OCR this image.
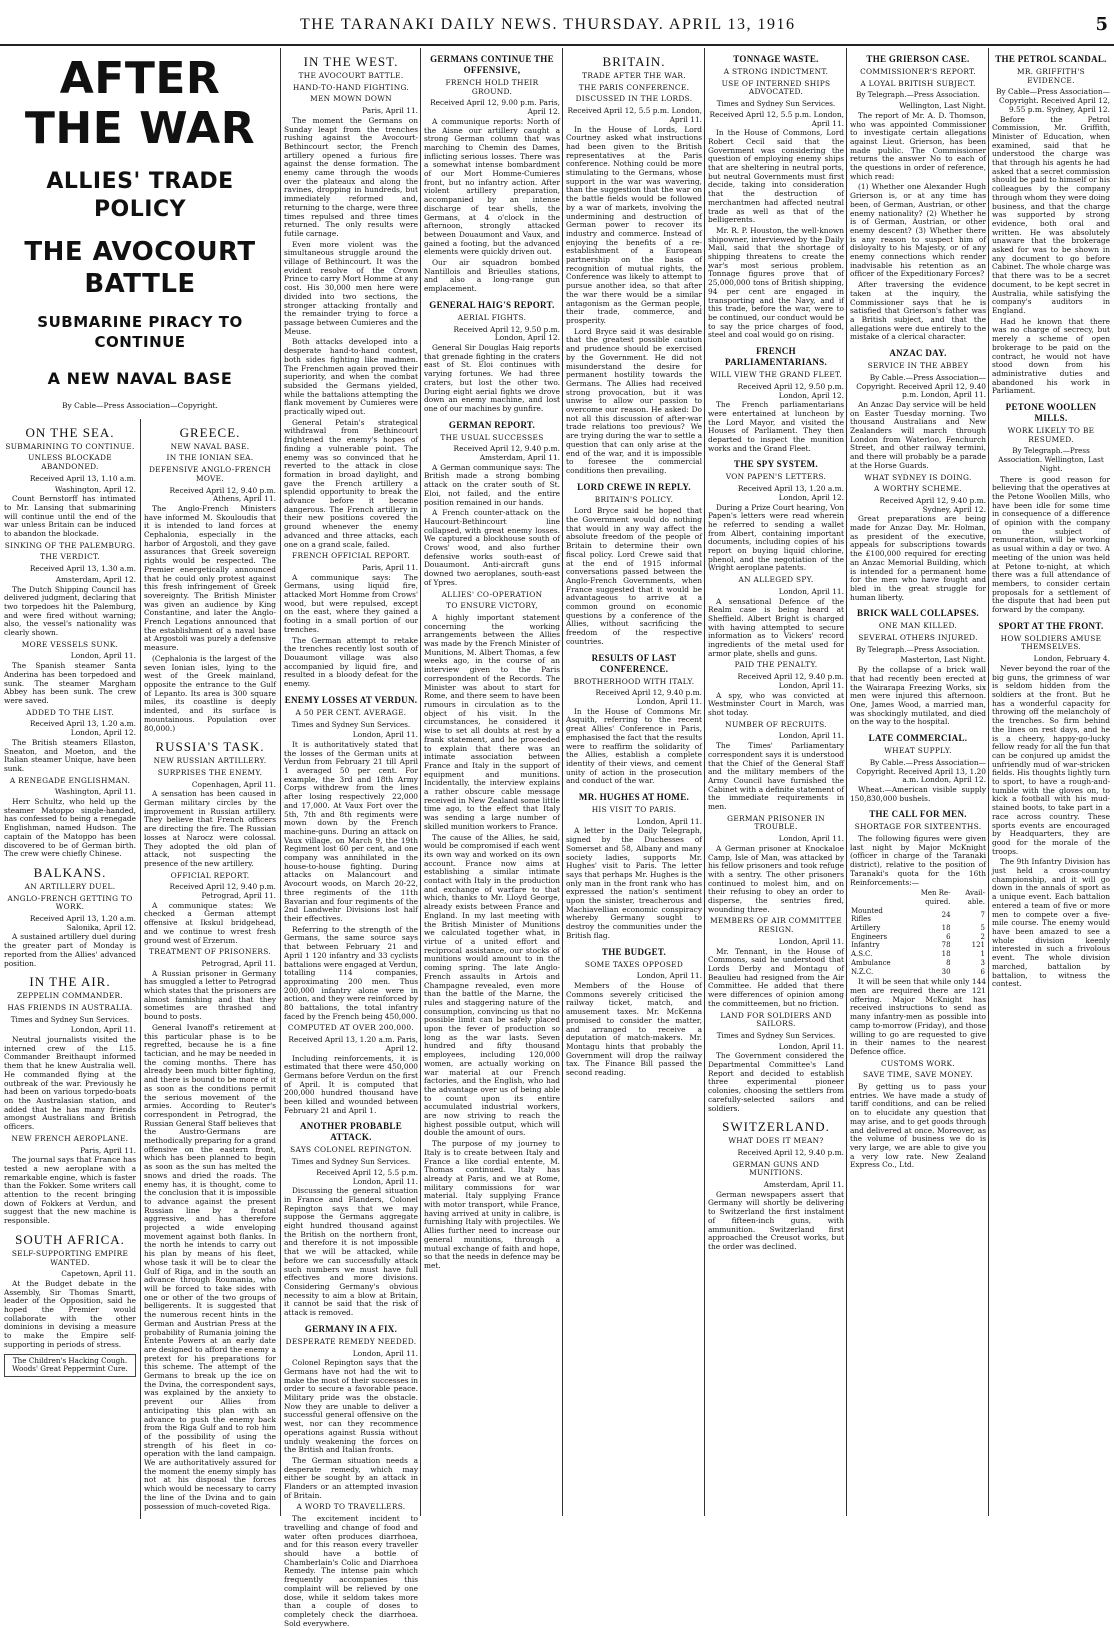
THE TARANAKI DAILY NEWS. THURSDAY. APRIL 13, 1916	5
AFTER THE WAR
ALLIES' TRADE POLICY
THE AVOCOURT BATTLE
SUBMARINE PIRACY TO CONTINUE
A NEW NAVAL BASE
By Cable—Press Association—Copyright.
ON THE SEA.
SUBMARINING TO CONTINUE.
UNLESS BLOCKADE ABANDONED.
Received April 13, 1.10 a.m.
Washington, April 12.

Count Bernstorff has intimated to Mr. Lansing that submarining will continue until the end of the war unless Britain can be induced to abandon the blockade.

SINKING OF THE PALEMBURG.
THE VERDICT.
Received April 13, 1.30 a.m.
Amsterdam, April 12.

The Dutch Shipping Council has delivered judgment, declaring that two torpedoes hit the Palemburg, and were fired without warning; also, the vessel's nationality was clearly shown.

MORE VESSELS SUNK.
London, April 11.

The Spanish steamer Santa Anderina has been torpedoed and sunk. The steamer Margham Abbey has been sunk. The crew were saved.

ADDED TO THE LIST.
Received April 13, 1.20 a.m. London, April 12.

The British steamers Ellaston, Sneaton, and Moeton, and the Italian steamer Unique, have been sunk.

A RENEGADE ENGLISHMAN.
Washington, April 11.

Herr Schultz, who held up the steamer Matoppo single-handed, has confessed to being a renegade Englishman, named Hudson. The captain of the Matoppo has been discovered to be of German birth. The crew were chiefly Chinese.

BALKANS.
AN ARTILLERY DUEL.
ANGLO-FRENCH GETTING TO WORK.
Received April 13, 1.20 a.m. Salonika, April 12.

A sustained artillery duel during the greater part of Monday is reported from the Allies' advanced position.

IN THE AIR.
ZEPPELIN COMMANDER.
HAS FRIENDS IN AUSTRALIA.
Times and Sydney Sun Services.
London, April 11.

Neutral journalists visited the interned crew of the L15. Commander Breithaupt informed them that he knew Australia well. He commanded flying at the outbreak of the war. Previously he had been on various torpedo-boats on the Australasian station, and added that he has many friends amongst Australians and British officers.

NEW FRENCH AEROPLANE.
Paris, April 11.

The journal says that France has tested a new aeroplane with a remarkable engine, which is faster than the Fokker. Some writers call attention to the recent bringing down of Fokkers at Verdun, and suggest that the new machine is responsible.

SOUTH AFRICA.
SELF-SUPPORTING EMPIRE WANTED.
Capetown, April 11.

At the Budget debate in the Assembly, Sir Thomas Smartt, leader of the Opposition, said he hoped the Premier would collaborate with the other dominions in devising a measure to make the Empire self-supporting in periods of stress.

The Children's Hacking Cough. Woods' Great Peppermint Cure.
GREECE.
NEW NAVAL BASE.
IN THE IONIAN SEA.
DEFENSIVE ANGLO-FRENCH MOVE.
Received April 12, 9.40 p.m. Athens, April 11.

The Anglo-French Ministers have informed M. Skouloudis that it is intended to land forces at Cephalonia, especially in the harbor of Argostoli, and they gave assurances that Greek sovereign rights would be respected. The Premier energetically announced that he could only protest against this fresh infringement of Greek sovereignty. The British Minister was given an audience by King Constantine, and later the Anglo-French Legations announced that the establishment of a naval base at Argostoli was purely a defensive measure.

(Cephalonia is the largest of the seven Ionian isles, lying to the west of the Greek mainland, opposite the entrance to the Gulf of Lepanto. Its area is 300 square miles, its coastline is deeply indented, and its surface is mountainous. Population over 80,000.)

RUSSIA'S TASK.
NEW RUSSIAN ARTILLERY.
SURPRISES THE ENEMY.
Copenhagen, April 11.

A sensation has been caused in German military circles by the improvement in Russian artillery. They believe that French officers are directing the fire. The Russian losses at Narocz were colossal. They adopted the old plan of attack, not suspecting the presence of the new artillery.

OFFICIAL REPORT.
Received April 12, 9.40 p.m. Petrograd, April 11.

A communique states: We checked a German attempt offensive at Ikskul bridgehead, and we continue to wrest fresh ground west of Erzerum.

TREATMENT OF PRISONERS.
Petrograd, April 11.

A Russian prisoner in Germany has smuggled a letter to Petrograd which states that the prisoners are almost famishing and that they sometimes are thrashed and bound to posts.

General Ivanoff's retirement at this particular phase is to be regretted, because he is a fine tactician, and he may be needed in the coming months. There has already been much bitter fighting, and there is bound to be more of it as soon as the conditions permit the serious movement of the armies. According to Reuter's correspondent in Petrograd, the Russian General Staff believes that the Austro-Germans are methodically preparing for a grand offensive on the eastern front, which has been planned to begin as soon as the sun has melted the snows and dried the roads. The enemy has, it is thought, come to the conclusion that it is impossible to advance against the present Russian line by a frontal aggressive, and has therefore projected a wide enveloping movement against both flanks. In the north he intends to carry out his plan by means of his fleet, whose task it will be to clear the Gulf of Riga, and in the south an advance through Roumania, who will be forced to take sides with one or other of the two groups of belligerents. It is suggested that the numerous recent hints in the German and Austrian Press at the probability of Rumania joining the Entente Powers at an early date are designed to afford the enemy a pretext for his preparations for this scheme. The attempt of the Germans to break up the ice on the Dvina, the correspondent says, was explained by the anxiety to prevent our Allies from anticipating this plan with an advance to push the enemy back from the Riga Gulf and to rob him of the possibility of using the strength of his fleet in co-operation with the land campaign. We are authoritatively assured for the moment the enemy simply has not at his disposal the forces which would be necessary to carry the line of the Dvina and to gain possession of much-coveted Riga.

IN THE WEST.
THE AVOCOURT BATTLE.
HAND-TO-HAND FIGHTING.
MEN MOWN DOWN
Paris, April 11.

The moment the Germans on Sunday leapt from the trenches rushing against the Avocourt-Bethincourt sector, the French artillery opened a furious fire against the dense formation. The enemy came through the woods over the plateaux and along the ravines, dropping in hundreds, but immediately reformed and, returning to the charge, were three times repulsed and three times returned. The only results were futile carnage.

Even more violent was the simultaneous struggle around the village of Bethincourt. It was the evident resolve of the Crown Prince to carry Mort Homme at any cost. His 30,000 men here were divided into two sections, the stronger attacking frontally and the remainder trying to force a passage between Cumieres and the Meuse.

Both attacks developed into a desperate hand-to-hand contest, both sides fighting like madmen. The Frenchmen again proved their superiority, and when the combat subsided the Germans yielded, while the battalions attempting the flank movement by Cumieres were practically wiped out.

General Petain's strategical withdrawal from Bethincourt frightened the enemy's hopes of finding a vulnerable point. The enemy was so convinced that he reverted to the attack in close formation in broad daylight, and gave the French artillery a splendid opportunity to break the advance before it became dangerous. The French artillery in their new positions covered the ground whenever the enemy advanced and three attacks, each one on a grand scale, failed.

FRENCH OFFICIAL REPORT.
Paris, April 11.

A communique says: The Germans, using liquid fire, attacked Mort Homme from Crows' wood, but were repulsed, except on the east, where they gained a footing in a small portion of our trenches.

The German attempt to retake the trenches recently lost south of Douaumont village was also accompanied by liquid fire, and resulted in a bloody defeat for the enemy.

ENEMY LOSSES AT VERDUN.
A 50 PER CENT. AVERAGE.
Times and Sydney Sun Services.
London, April 11.

It is authoritatively stated that the losses of the German units at Verdun from February 21 till April 1 averaged 50 per cent. For example, the 3rd and 18th Army Corps withdrew from the lines after losing respectively 22,000 and 17,000. At Vaux Fort over the 5th, 7th and 8th regiments were mown down by the French machine-guns. During an attack on Vaux village, on March 9, the 19th Regiment lost 60 per cent, and one company was annihilated in the house-to-house fighting. During attacks on Malancourt and Avocourt woods, on March 20-22, three regiments of the 11th Bavarian and four regiments of the 2nd Landwehr Divisions lost half their effectives.

Referring to the strength of the Germans, the same source says that between February 21 and April 1 120 infantry and 33 cyclists battalions were engaged at Verdun, totalling 114 companies, approximating 200 men. Thus 200,000 infantry alone were in action, and they were reinforced by 80 battalions, the total infantry faced by the French being 450,000.

COMPUTED AT OVER 200,000.
Received April 13, 1.20 a.m. Paris, April 12.

Including reinforcements, it is estimated that there were 450,000 Germans before Verdun on the first of April. It is computed that 200,000 hundred thousand have been killed and wounded between February 21 and April 1.

ANOTHER PROBABLE ATTACK.
SAYS COLONEL REPINGTON.
Times and Sydney Sun Services.
Received April 12, 5.5 p.m. London, April 11.

Discussing the general situation in France and Flanders, Colonel Repington says that we may suppose the Germans aggregate eight hundred thousand against the British on the northern front, and therefore it is not impossible that we will be attacked, while before we can successfully attack such numbers we must have full effectives and more divisions. Considering Germany's obvious necessity to aim a blow at Britain, it cannot be said that the risk of attack is removed.

GERMANY IN A FIX.
DESPERATE REMEDY NEEDED.
London, April 11.

Colonel Repington says that the Germans have not had the wit to make the most of their successes in order to secure a favorable peace. Military pride was the obstacle. Now they are unable to deliver a successful general offensive on the west, nor can they recommence operations against Russia without unduly weakening the forces on the British and Italian fronts.

The German situation needs a desperate remedy, which may either be sought by an attack in Flanders or an attempted invasion of Britain.

A WORD TO TRAVELLERS.

The excitement incident to travelling and change of food and water often produces diarrhoea, and for this reason every traveller should have a bottle of Chamberlain's Colic and Diarrhoea Remedy. The intense pain which frequently accompanies this complaint will be relieved by one dose, while it seldom takes more than a couple of doses to completely check the diarrhoea. Sold everywhere.

GERMANS CONTINUE THE OFFENSIVE,
FRENCH HOLD THEIR GROUND.
Received April 12, 9.00 p.m. Paris, April 12.

A communique reports: North of the Aisne our artillery caught a strong German column that was marching to Chemin des Dames, inflicting serious losses. There was a somewhat intense bombardment of our Mort Homme-Cumieres front, but no infantry action. After violent artillery preparation, accompanied by an intense discharge of tear shells, the Germans, at 4 o'clock in the afternoon, strongly attacked between Douaumont and Vaux, and gained a footing, but the advanced elements were quickly driven out.

Our air squadron bombed Nantillois and Brieulles stations, and also a long-range gun emplacement.

GENERAL HAIG'S REPORT.
AERIAL FIGHTS.
Received April 12, 9.50 p.m. London, April 12.

General Sir Douglas Haig reports that grenade fighting in the craters east of St. Eloi continues with varying fortunes. We had three craters, but lost the other two. During eight aerial fights we drove down an enemy machine, and lost one of our machines by gunfire.

GERMAN REPORT.
THE USUAL SUCCESSES
Received April 12, 9.40 p.m. Amsterdam, April 11.

A German communique says: The British made a strong bombing attack on the crater south of St. Eloi, not failed, and the entire position remained in our hands.

A French counter-attack on the Haucourt-Bethincourt line collapsed, with great enemy losses. We captured a blockhouse south of Crows' wood, and also further defensive works south-east of Douaumont. Anti-aircraft guns downed two aeroplanes, south-east of Ypres.

ALLIES' CO-OPERATION
TO ENSURE VICTORY,

A highly important statement concerning the working arrangements between the Allies was made by the French Minister of Munitions, M. Albert Thomas, a few weeks ago, in the course of an interview given to the Paris correspondent of the Records. The Minister was about to start for Rome, and there seem to have been rumours in circulation as to the object of his visit. In the circumstances, he considered it wise to set all doubts at rest by a frank statement, and he proceeded to explain that there was an intimate association between France and Italy in the support of equipment and munitions. Incidentally, the interview explains a rather obscure cable message received in New Zealand some little time ago, to the effect that Italy was sending a large number of skilled munition workers to France.

The cause of the Allies, he said, would be compromised if each went its own way and worked on its own account. France now aims at establishing a similar intimate contact with Italy in the production and exchange of warfare to that which, thanks to Mr. Lloyd George, already exists between France and England. In my last meeting with the British Minister of Munitions we calculated together what, in virtue of a united effort and reciprocal assistance, our stocks of munitions would amount to in the coming spring. The late Anglo-French assaults in Artois and Champagne revealed, even more than the battle of the Marne, the rules and staggering nature of the consumption, convincing us that no possible limit can be safely placed upon the fever of production so long as the war lasts. Seven hundred and fifty thousand employees, including 120,000 women, are actually working on war material at our French factories, and the English, who had the advantage over us of being able to count upon its entire accumulated industrial workers, are now striving to reach the highest possible output, which will double the amount of ours.

The purpose of my journey to Italy is to create between Italy and France a like cordial entente, M. Thomas continued. Italy has already at Paris, and we at Rome, military commissions for war material. Italy supplying France with motor transport, while France, having arrived at unity in calibre, is furnishing Italy with projectiles. We Allies further need to increase our general munitions, through a mutual exchange of faith and hope, so that the needs in defence may be met.

BRITAIN.
TRADE AFTER THE WAR.
THE PARIS CONFERENCE.
DISCUSSED IN THE LORDS.
Received April 12, 5.5 p.m. London, April 11.

In the House of Lords, Lord Courtney asked what instructions had been given to the British representatives at the Paris conference. Nothing could be more stimulating to the Germans, whose support in the war was wavering, than the suggestion that the war on the battle fields would be followed by a war of markets, involving the undermining and destruction of German power to recover its industry and commerce. Instead of enjoying the benefits of a re-establishment of a European partnership on the basis of recognition of mutual rights, the Conference was likely to attempt to pursue another idea, so that after the war there would be a similar antagonism as the German people, their trade, commerce, and prosperity.

Lord Bryce said it was desirable that the greatest possible caution and prudence should be exercised by the Government. He did not misunderstand the desire for permanent hostility towards the Germans. The Allies had received strong provocation, but it was unwise to allow our passion to overcome our reason. He asked: Do not all this discussion of after-war trade relations too previous? We are trying during the war to settle a question that can only arise at the end of the war, and it is impossible to foresee the commercial conditions then prevailing.

LORD CREWE IN REPLY.
BRITAIN'S POLICY.

Lord Bryce said he hoped that the Government would do nothing that would in any way affect the absolute freedom of the people of Britain to determine their own fiscal policy. Lord Crewe said that at the end of 1915 informal conversations passed between the Anglo-French Governments, when France suggested that it would be advantageous to arrive at a common ground on economic questions by a conference of the Allies, without sacrificing the freedom of the respective countries.

RESULTS OF LAST CONFERENCE.
BROTHERHOOD WITH ITALY.
Received April 12, 9.40 p.m. London, April 11.

In the House of Commons Mr. Asquith, referring to the recent great Allies' Conference in Paris, emphasised the fact that the results were to reaffirm the solidarity of the Allies, establish a complete identity of their views, and cement unity of action in the prosecution and conduct of the war.

MR. HUGHES AT HOME.
HIS VISIT TO PARIS.
London, April 11.

A letter in the Daily Telegraph, signed by the Duchesses of Somerset and 58, Albany and many society ladies, supports Mr. Hughes' visit to Paris. The letter says that perhaps Mr. Hughes is the only man in the front rank who has expressed the nation's sentiment upon the sinister, treacherous and Machiavellian economic conspiracy whereby Germany sought to destroy the communities under the British flag.

THE BUDGET.
SOME TAXES OPPOSED
London, April 11.

Members of the House of Commons severely criticised the railway ticket, match, and amusement taxes. Mr. McKenna promised to consider the matter, and arranged to receive a deputation of match-makers. Mr. Montagu hints that probably the Government will drop the railway tax. The Finance Bill passed the second reading.

TONNAGE WASTE.
A STRONG INDICTMENT.
USE OF INTERNED SHIPS ADVOCATED.
Times and Sydney Sun Services.
Received April 12, 5.5 p.m. London, April 11.

In the House of Commons, Lord Robert Cecil said that the Government was considering the question of employing enemy ships that are sheltering in neutral ports, but neutral Governments must first decide, taking into consideration that the destruction of merchantmen had affected neutral trade as well as that of the belligerents.

Mr. R. P. Houston, the well-known shipowner, interviewed by the Daily Mail, said that the shortage of shipping threatens to create the war's most serious problem. Tonnage figures prove that of 25,000,000 tons of British shipping, 94 per cent are engaged in transporting and the Navy, and if this trade, before the war, were to be continued, our conduct would be to say the price charges of food, steel and coal would go on rising.

FRENCH PARLIAMENTARIANS.
WILL VIEW THE GRAND FLEET.
Received April 12, 9.50 p.m. London, April 12.

The French parliamentarians were entertained at luncheon by the Lord Mayor, and visited the Houses of Parliament. They then departed to inspect the munition works and the Grand Fleet.

THE SPY SYSTEM.
VON PAPEN'S LETTERS.
Received April 13, 1.20 a.m. London, April 12.

During a Prize Court hearing, Von Papen's letters were read wherein he referred to sending a wallet from Albert, containing important documents, including copies of his report on buying liquid chlorine, phenol, and the negotiation of the Wright aeroplane patents.

AN ALLEGED SPY.
London, April 11.

A sensational Defence of the Realm case is being heard at Sheffield. Albert Bright is charged with having attempted to secure information as to Vickers' record ingredients of the metal used for armor plate, shells and guns.

PAID THE PENALTY.
Received April 12, 9.40 p.m. London, April 11.

A spy, who was convicted at Westminster Court in March, was shot today.

NUMBER OF RECRUITS.
London, April 11.

The Times' Parliamentary correspondent says it is understood that the Chief of the General Staff and the military members of the Army Council have furnished the Cabinet with a definite statement of the immediate requirements in men.

GERMAN PRISONER IN TROUBLE.
London, April 11.

A German prisoner at Knockaloe Camp, Isle of Man, was attacked by his fellow prisoners and took refuge with a sentry. The other prisoners continued to molest him, and on their refusing to obey an order to disperse, the sentries fired, wounding three.

MEMBERS OF AIR COMMITTEE RESIGN.
London, April 11.

Mr. Tennant, in the House of Commons, said he understood that Lords Derby and Montagu of Beaulieu had resigned from the Air Committee. He added that there were differences of opinion among the committeemen, but no friction.

LAND FOR SOLDIERS AND SAILORS.
Times and Sydney Sun Services.
London, April 11.

The Government considered the Departmental Committee's Land Report and decided to establish three experimental pioneer colonies, choosing the settlers from carefully-selected sailors and soldiers.

SWITZERLAND.
WHAT DOES IT MEAN?
Received April 12, 9.40 p.m.
GERMAN GUNS AND MUNITIONS.
Amsterdam, April 11.

German newspapers assert that Germany will shortly be delivering to Switzerland the first instalment of fifteen-inch guns, with ammunition. Switzerland first approached the Creusot works, but the order was declined.

THE GRIERSON CASE.
COMMISSIONER'S REPORT.
A LOYAL BRITISH SUBJECT.
By Telegraph.—Press Association.
Wellington, Last Night.

The report of Mr. A. D. Thomson, who was appointed Commissioner to investigate certain allegations against Lieut. Grierson, has been made public. The Commissioner returns the answer No to each of the questions in order of reference, which read:

(1) Whether one Alexander Hugh Grierson is, or at any time has been, of German, Austrian, or other enemy nationality? (2) Whether he is of German, Austrian, or other enemy descent? (3) Whether there is any reason to suspect him of disloyalty to his Majesty, or of any enemy connections which render inadvisable his retention as an officer of the Expeditionary Forces?

After traversing the evidence taken at the inquiry, the Commissioner says that he is satisfied that Grierson's father was a British subject, and that the allegations were due entirely to the mistake of a clerical character.

ANZAC DAY.
SERVICE IN THE ABBEY
By Cable.—Press Association—Copyright. Received April 12, 9.40 p.m. London, April 11.

An Anzac Day service will be held on Easter Tuesday morning. Two thousand Australians and New Zealanders will march through London from Waterloo, Fenchurch Street, and other railway termini, and there will probably be a parade at the Horse Guards.

WHAT SYDNEY IS DOING.
A WORTHY SCHEME.
Received April 12, 9.40 p.m. Sydney, April 12.

Great preparations are being made for Anzac Day. Mr. Holman, as president of the executive, appeals for subscriptions towards the £100,000 required for erecting an Anzac Memorial Building, which is intended for a permanent home for the men who have fought and bled in the great struggle for human liberty.

BRICK WALL COLLAPSES.
ONE MAN KILLED.
SEVERAL OTHERS INJURED.
By Telegraph.—Press Association.
Masterton, Last Night.

By the collapse of a brick wall that had recently been erected at the Wairarapa Freezing Works, six men were injured this afternoon. One, James Wood, a married man, was shockingly mutilated, and died on the way to the hospital.

LATE COMMERCIAL.
WHEAT SUPPLY.
By Cable.—Press Association—Copyright. Received April 13, 1.20 a.m. London, April 12.

Wheat.—American visible supply 150,830,000 bushels.

THE CALL FOR MEN.
SHORTAGE FOR SIXTEENTHS.

The following figures were given last night by Major McKnight (officer in charge of the Taranaki district), relative to the position of Taranaki's quota for the 16th Reinforcements:—

	Men Re-quired.	Avail-able.
Mounted Rifles	24	7
Artillery	18	5
Engineers	6	2
Infantry	78	121
A.S.C.	18	1
Ambulance	8	3
N.Z.C.	30	6

It will be seen that while only 144 men are required there are 121 offering. Major McKnight has received instructions to send as many infantry-men as possible into camp to-morrow (Friday), and those willing to go are requested to give in their names to the nearest Defence office.

CUSTOMS WORK.
SAVE TIME, SAVE MONEY.

By getting us to pass your entries. We have made a study of tariff conditions, and can be relied on to elucidate any question that may arise, and to get goods through and delivered at once. Moreover, as the volume of business we do is very large, we are able to give you a very low rate. New Zealand Express Co., Ltd.

THE PETROL SCANDAL.
MR. GRIFFITH'S EVIDENCE.
By Cable—Press Association—Copyright. Received April 12, 9.55 p.m. Sydney, April 12.

Before the Petrol Commission, Mr. Griffith, Minister of Education, when examined, said that he understood the charge was that through his agents he had asked that a secret commission should be paid to himself or his colleagues by the company through whom they were doing business, and that the charge was supported by strong evidence, both oral and written. He was absolutely unaware that the brokerage asked for was to be shown in any document to go before Cabinet. The whole charge was that there was to be a secret document, to be kept secret in Australia, while satisfying the company's auditors in England.

Had he known that there was no charge of secrecy, but merely a scheme of open brokerage to be paid on the contract, he would not have stood down from his administrative duties and abandoned his work in Parliament.

PETONE WOOLLEN MILLS.
WORK LIKELY TO BE RESUMED.
By Telegraph.—Press Association. Wellington, Last Night.

There is good reason for believing that the operatives at the Petone Woollen Mills, who have been idle for some time in consequence of a difference of opinion with the company on the subject of remuneration, will be working as usual within a day or two. A meeting of the union was held at Petone to-night, at which there was a full attendance of members, to consider certain proposals for a settlement of the dispute that had been put forward by the company.

SPORT AT THE FRONT.
HOW SOLDIERS AMUSE THEMSELVES.
London, February 4.

Never beyond the roar of the big guns, the grimness of war is seldom hidden from the soldiers at the front. But he has a wonderful capacity for throwing off the melancholy of the trenches. So firm behind the lines on rest days, and he is a cheery, happy-go-lucky fellow ready for all the fun that can be conjured up amidst the unfriendly mud of war-stricken fields. His thoughts lightly turn to sport, to have a rough-and-tumble with the gloves on, to kick a football with his mud-stained boots, to take part in a race across country. These sports events are encouraged by Headquarters, they are good for the morale of the troops.

The 9th Infantry Division has just held a cross-country championship, and it will go down in the annals of sport as a unique event. Each battalion entered a team of five or more men to compete over a five-mile course. The enemy would have been amazed to see a whole division keenly interested in such a frivolous event. The whole division marched, battalion by battalion, to witness the contest.
